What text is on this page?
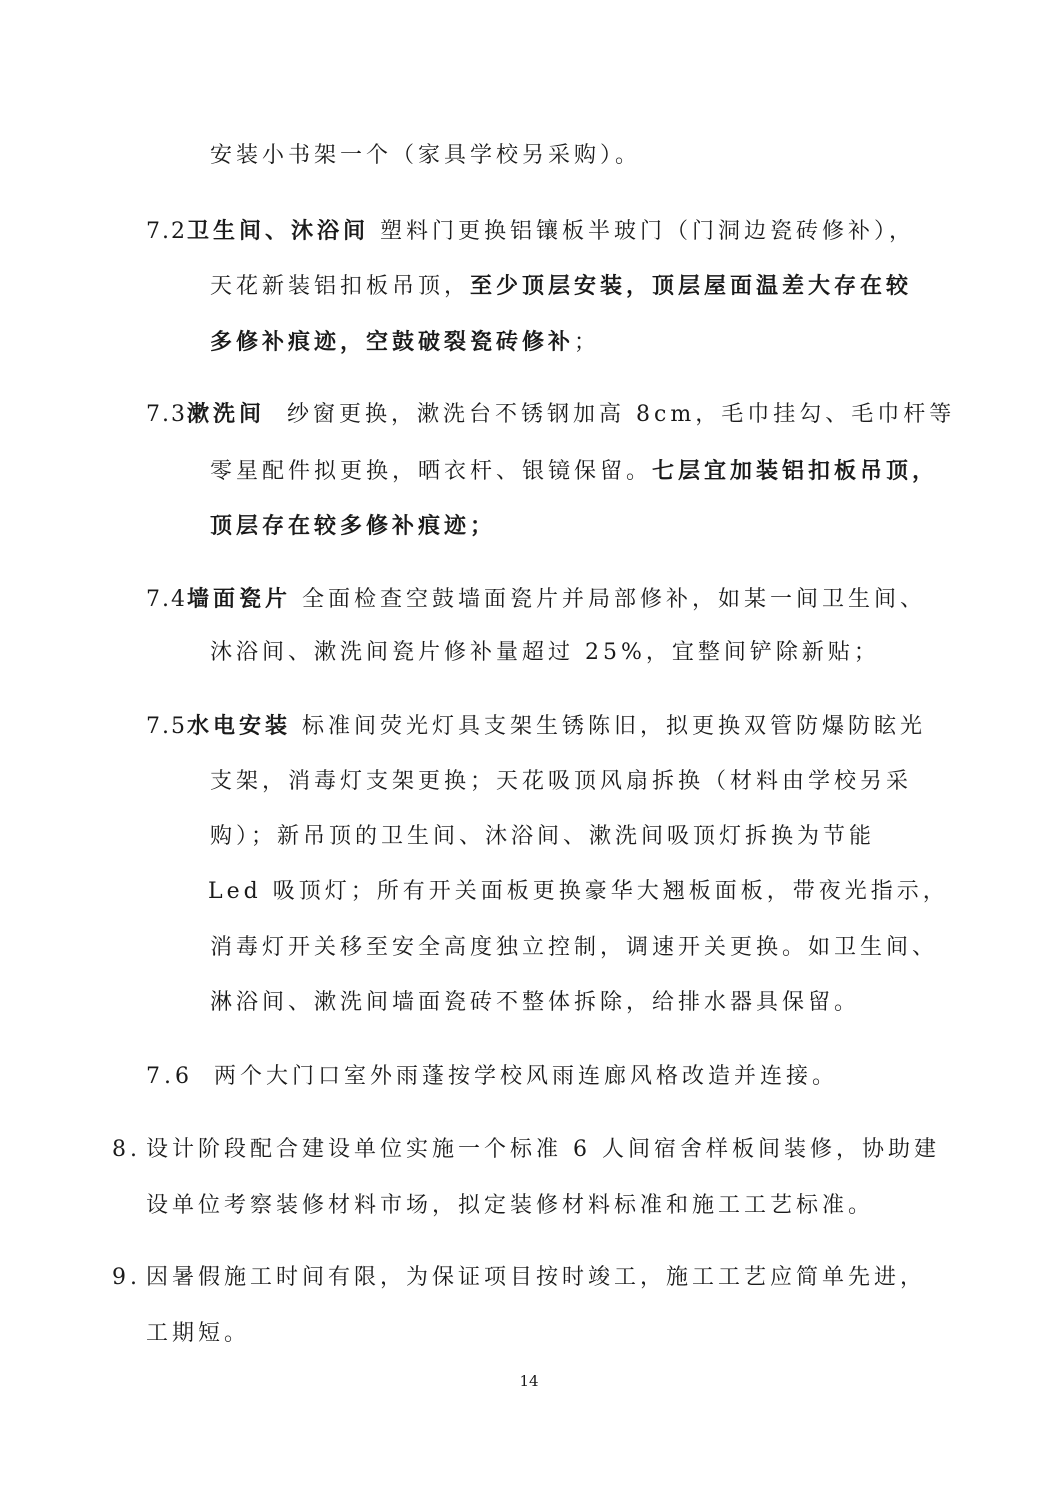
安装小书架一个（家具学校另采购）。
7.2卫生间、沐浴间 塑料门更换铝镶板半玻门（门洞边瓷砖修补），
天花新装铝扣板吊顶，至少顶层安装，顶层屋面温差大存在较
多修补痕迹，空鼓破裂瓷砖修补；
7.3漱洗间 纱窗更换，漱洗台不锈钢加高 8cm，毛巾挂勾、毛巾杆等
零星配件拟更换，晒衣杆、银镜保留。七层宜加装铝扣板吊顶，
顶层存在较多修补痕迹；
7.4墙面瓷片 全面检查空鼓墙面瓷片并局部修补，如某一间卫生间、
沐浴间、漱洗间瓷片修补量超过 25%，宜整间铲除新贴；
7.5水电安装 标准间荧光灯具支架生锈陈旧，拟更换双管防爆防眩光
支架，消毒灯支架更换；天花吸顶风扇拆换（材料由学校另采
购）；新吊顶的卫生间、沐浴间、漱洗间吸顶灯拆换为节能
Led 吸顶灯；所有开关面板更换豪华大翘板面板，带夜光指示，
消毒灯开关移至安全高度独立控制，调速开关更换。如卫生间、
淋浴间、漱洗间墙面瓷砖不整体拆除，给排水器具保留。
7.6 两个大门口室外雨蓬按学校风雨连廊风格改造并连接。
8. 设计阶段配合建设单位实施一个标准 6 人间宿舍样板间装修，协助建
设单位考察装修材料市场，拟定装修材料标准和施工工艺标准。
9. 因暑假施工时间有限，为保证项目按时竣工，施工工艺应简单先进，
工期短。
14
